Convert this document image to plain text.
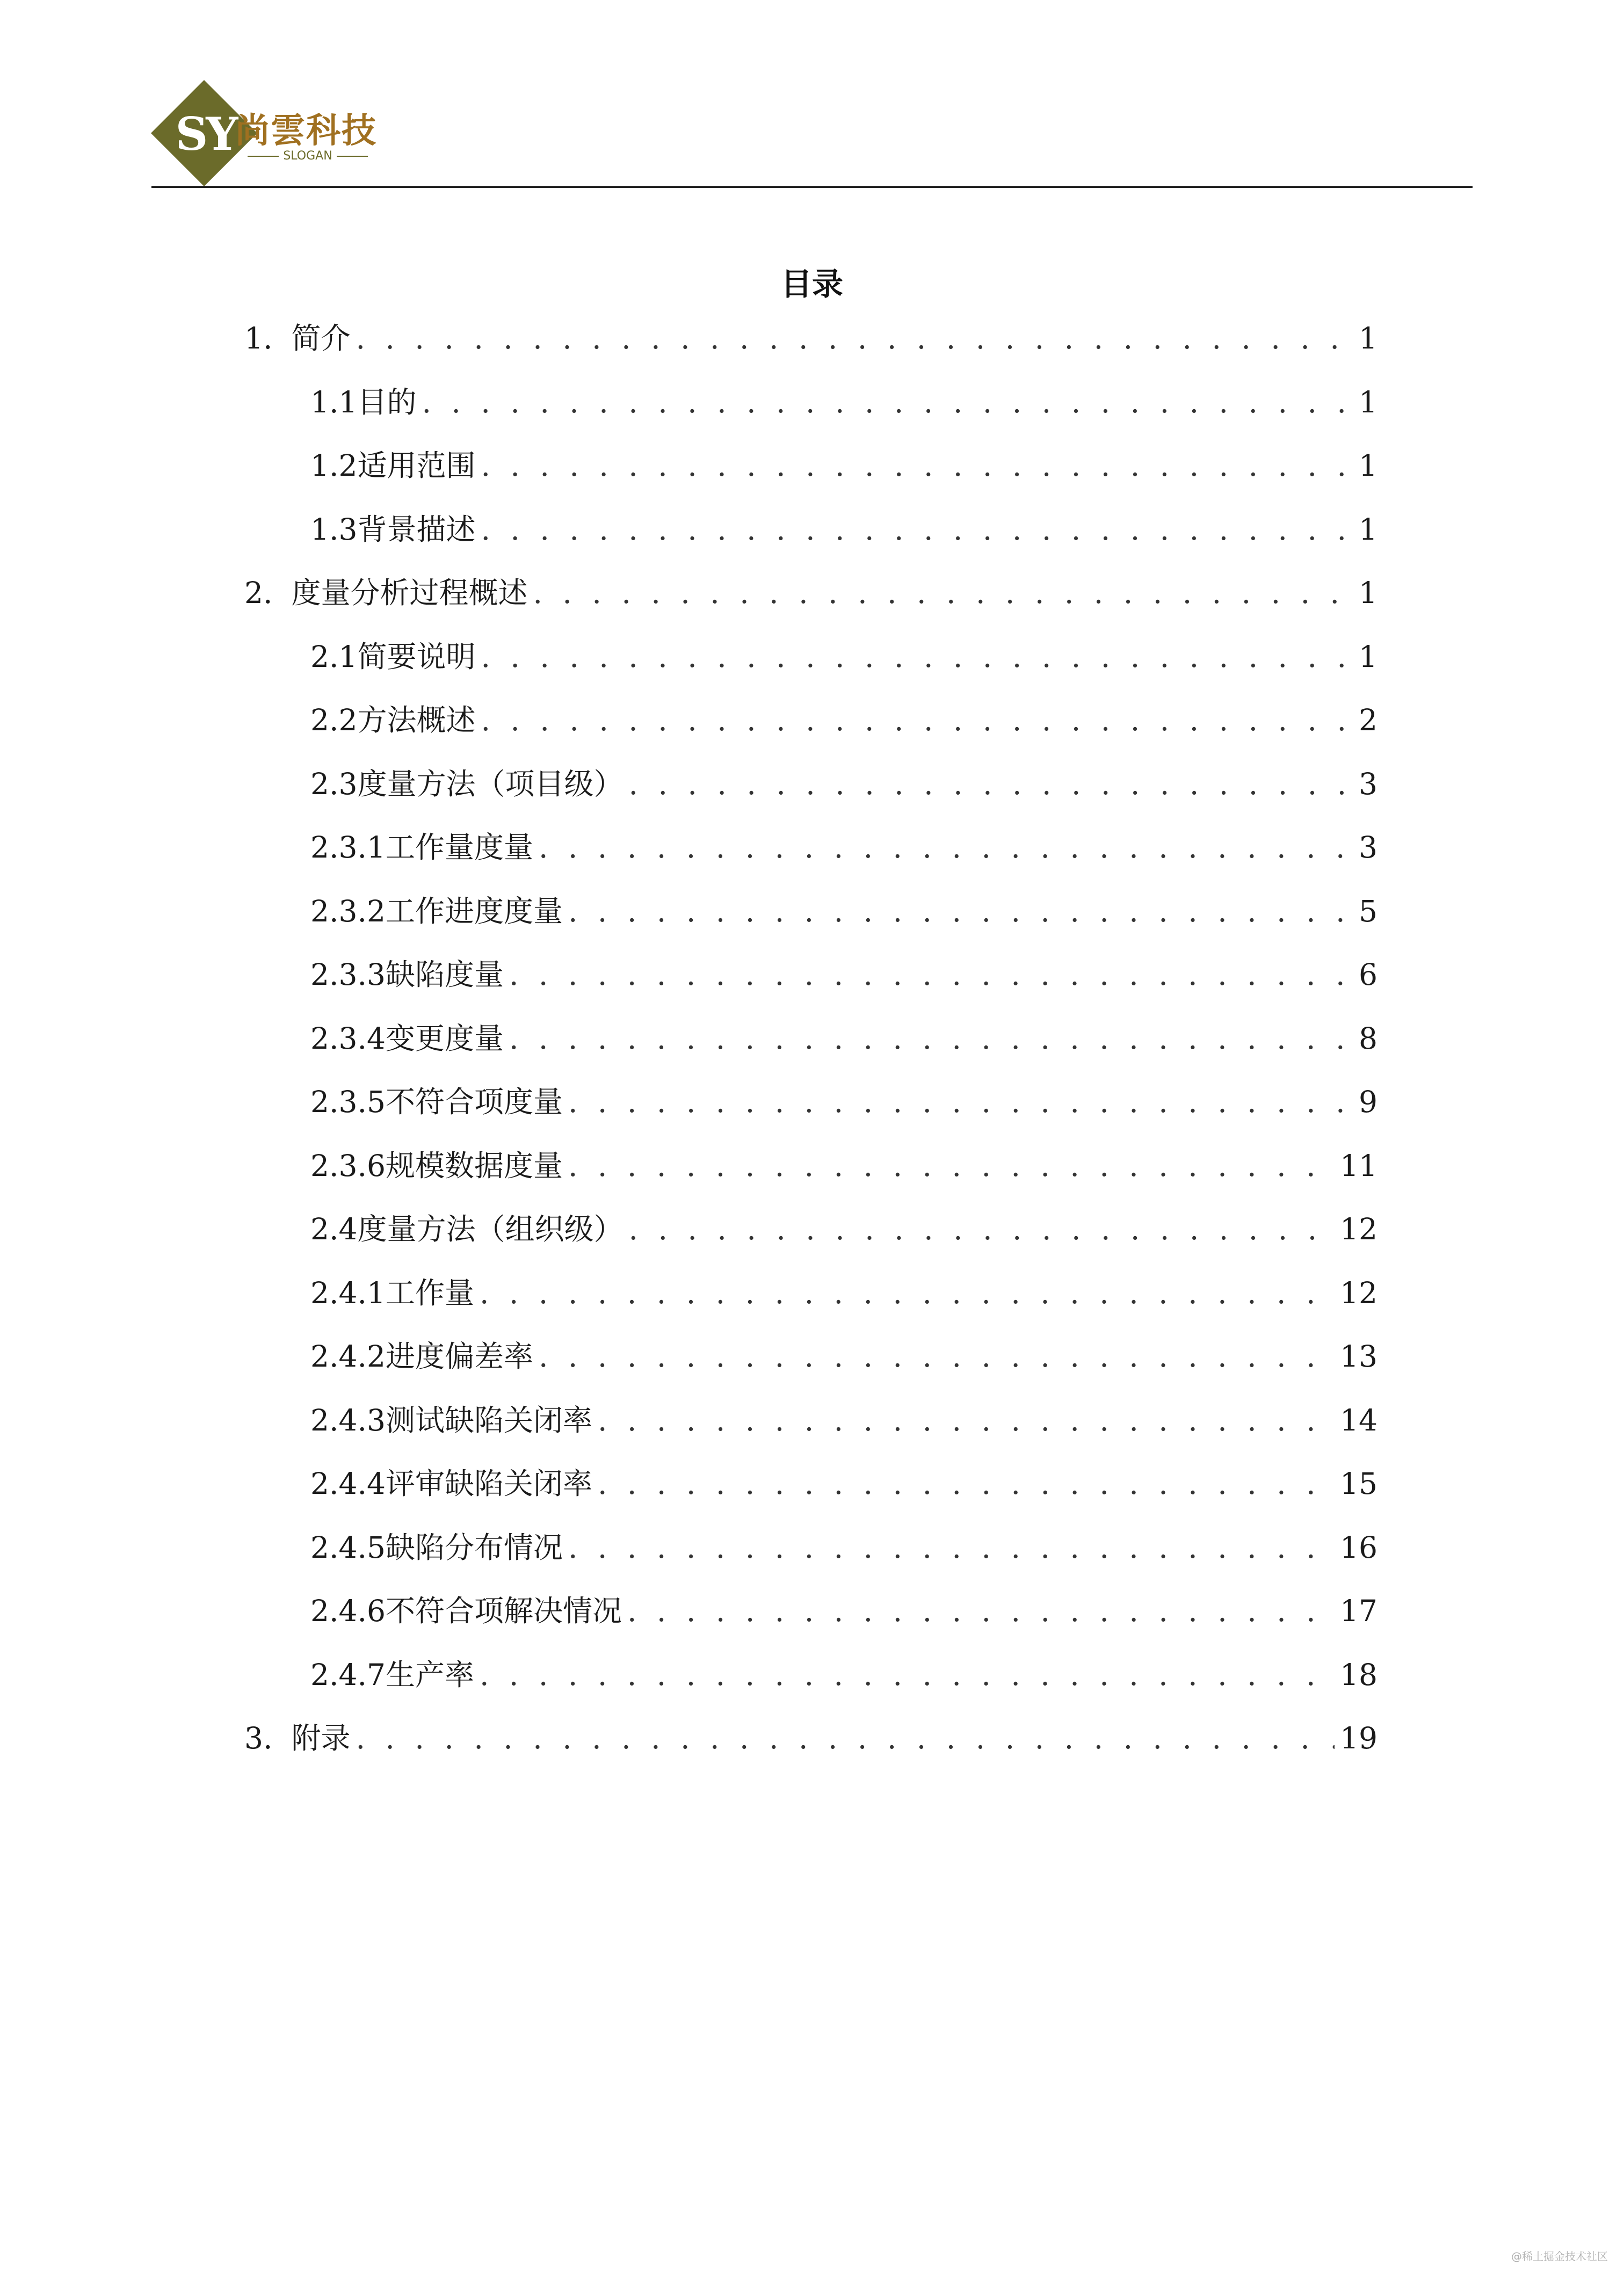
SY
尚雲科技
SLOGAN
目录
1.  简介 . . .	1
1.1目的 . . .	1
1.2适用范围 . . .	1
1.3背景描述 . . .	1
2.  度量分析过程概述 . . .	1
2.1简要说明 . . .	1
2.2方法概述 . . .	2
2.3度量方法（项目级） . . .	3
2.3.1工作量度量 . . .	3
2.3.2工作进度度量 . . .	5
2.3.3缺陷度量 . . .	6
2.3.4变更度量 . . .	8
2.3.5不符合项度量 . . .	9
2.3.6规模数据度量 . . .	11
2.4度量方法（组织级） . . .	12
2.4.1工作量 . . .	12
2.4.2进度偏差率 . . .	13
2.4.3测试缺陷关闭率 . . .	14
2.4.4评审缺陷关闭率 . . .	15
2.4.5缺陷分布情况 . . .	16
2.4.6不符合项解决情况 . . .	17
2.4.7生产率 . . .	18
3.  附录 . . .	19
@稀土掘金技术社区
